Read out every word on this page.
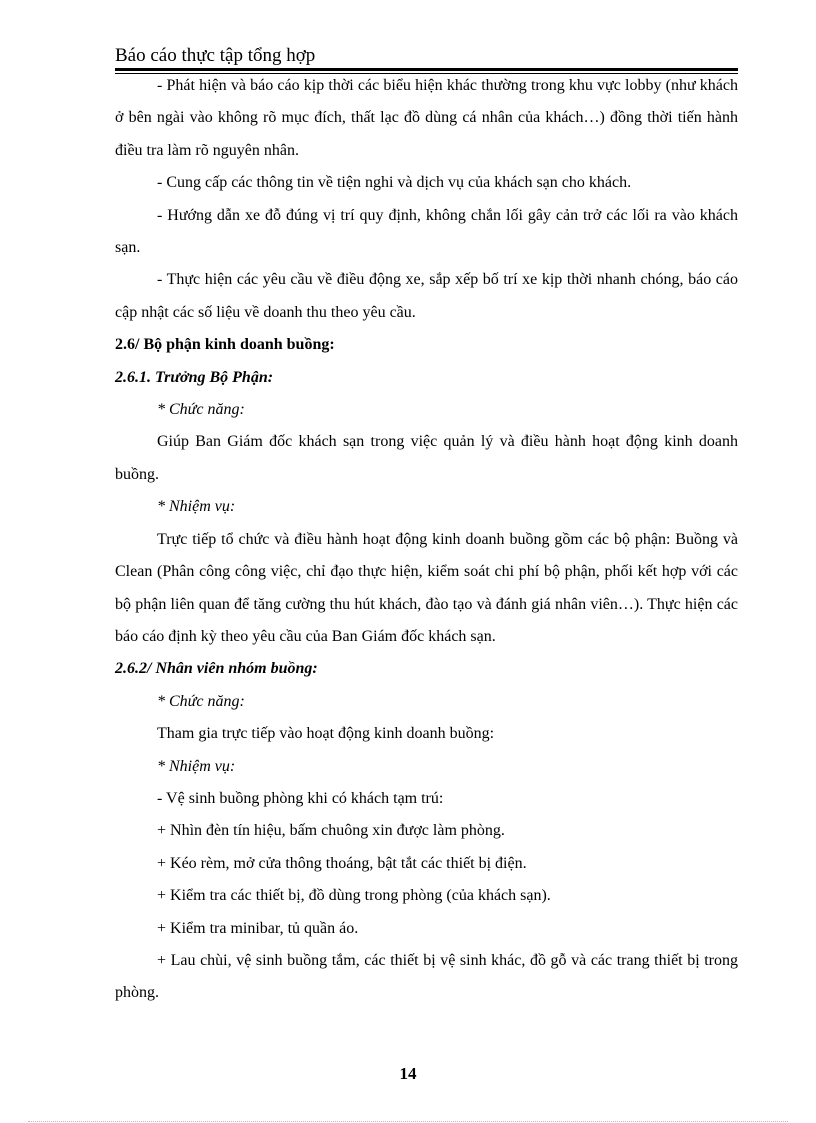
Báo cáo thực tập tổng hợp

- Phát hiện và báo cáo kịp thời các biểu hiện khác thường trong khu vực lobby (như khách ở bên ngài vào không rõ mục đích, thất lạc đồ dùng cá nhân của khách…) đồng thời tiến hành điều tra làm rõ nguyên nhân.

- Cung cấp các thông tin về tiện nghi và dịch vụ của khách sạn cho khách.

- Hướng dẫn xe đỗ đúng vị trí quy định, không chắn lối gây cản trở các lối ra vào khách sạn.

- Thực hiện các yêu cầu về điều động xe, sắp xếp bố trí xe kịp thời nhanh chóng, báo cáo cập nhật các số liệu về doanh thu theo yêu cầu.

2.6/ Bộ phận kinh doanh buồng:

2.6.1. Trưởng Bộ Phận:

* Chức năng:

Giúp Ban Giám đốc khách sạn trong việc quản lý và điều hành hoạt động kinh doanh buồng.

* Nhiệm vụ:

Trực tiếp tổ chức và điều hành hoạt động kinh doanh buồng gồm các bộ phận: Buồng và Clean (Phân công công việc, chỉ đạo thực hiện, kiểm soát chi phí bộ phận, phối kết hợp với các bộ phận liên quan để tăng cường thu hút khách, đào tạo và đánh giá nhân viên…). Thực hiện các báo cáo định kỳ theo yêu cầu của Ban Giám đốc khách sạn.

2.6.2/ Nhân viên nhóm buồng:

* Chức năng:

Tham gia trực tiếp vào hoạt động kinh doanh buồng:

* Nhiệm vụ:

- Vệ sinh buồng phòng khi có khách tạm trú:

+ Nhìn đèn tín hiệu, bấm chuông xin được làm phòng.

+ Kéo rèm, mở cửa thông thoáng, bật tắt các thiết bị điện.

+ Kiểm tra các thiết bị, đồ dùng trong phòng (của khách sạn).

+ Kiểm tra minibar, tủ quần áo.

+ Lau chùi, vệ sinh buồng tắm, các thiết bị vệ sinh khác, đồ gỗ và các trang thiết bị trong phòng.

14
